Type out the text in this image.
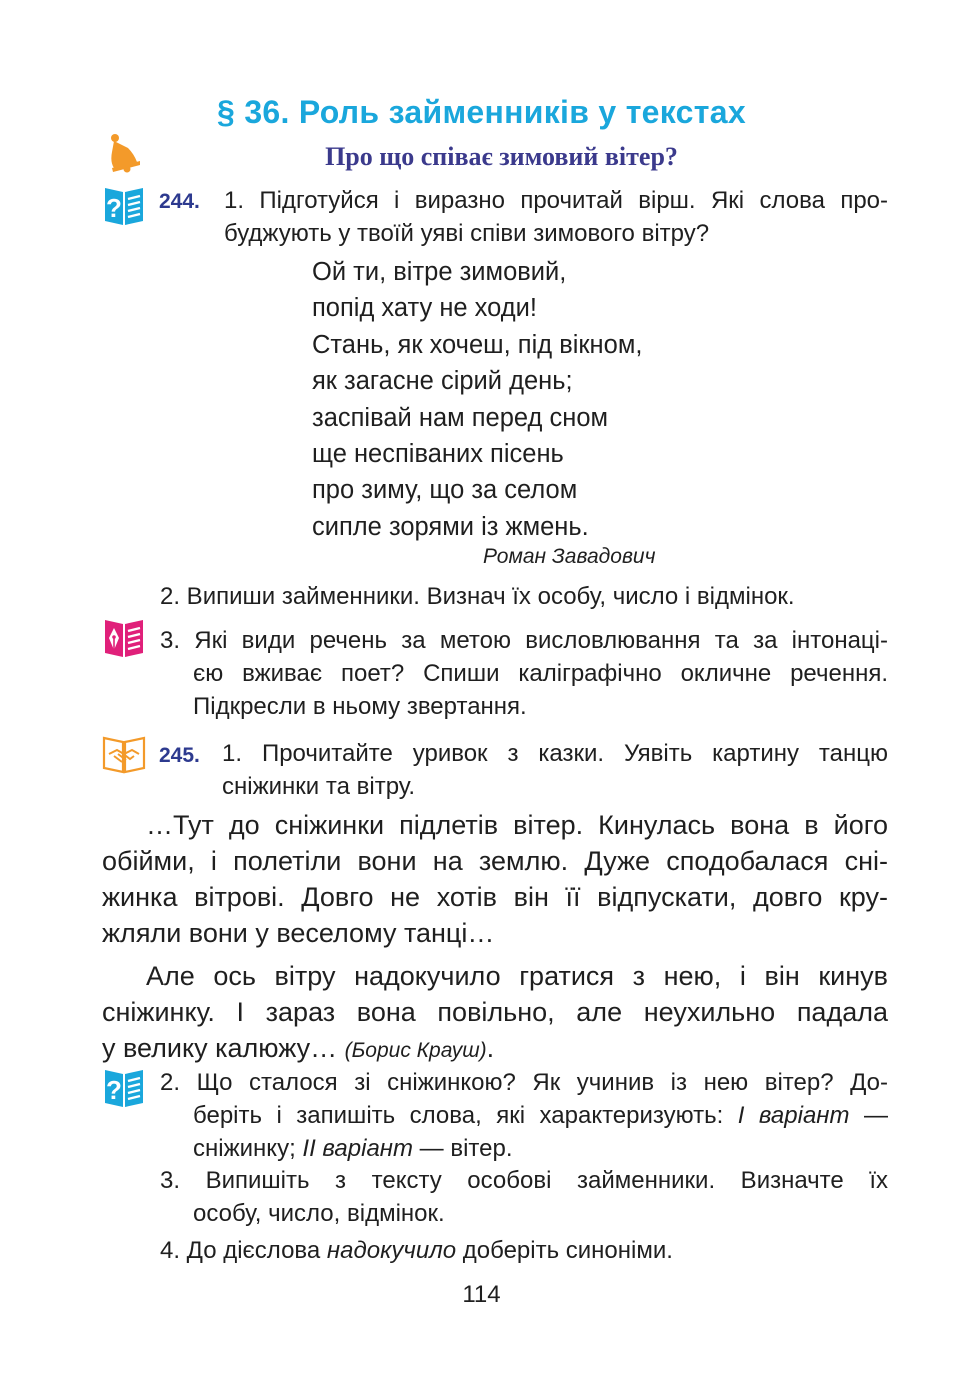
§ 36. Роль займенників у текстах
Про що співає зимовий вітер?
? 244. 1. Підготуйся і виразно прочитай вірш. Які слова про-
буджують у твоїй уяві співи зимового вітру?
Ой ти, вітре зимовий,
попід хату не ходи!
Стань, як хочеш, під вікном,
як загасне сірий день;
заспівай нам перед сном
ще неспіваних пісень
про зиму, що за селом
сипле зорями із жмень.
Роман Завадович
2. Випиши займенники. Визнач їх особу, число і відмінок.
3. Які види речень за метою висловлювання та за інтонаці-
єю вживає поет? Спиши каліграфічно окличне речення.
Підкресли в ньому звертання.
245. 1. Прочитайте уривок з казки. Уявіть картину танцю
сніжинки та вітру.
…Тут до сніжинки підлетів вітер. Кинулась вона в його
обійми, і полетіли вони на землю. Дуже сподобалася сні-
жинка вітрові. Довго не хотів він її відпускати, довго кру-
жляли вони у веселому танці…
Але ось вітру надокучило гратися з нею, і він кинув
сніжинку. І зараз вона повільно, але неухильно падала
у велику калюжу… (Борис Крауш).
? 2. Що сталося зі сніжинкою? Як учинив із нею вітер? До-
беріть і запишіть слова, які характеризують: І варіант —
сніжинку; ІІ варіант — вітер.
3. Випишіть з тексту особові займенники. Визначте їх
особу, число, відмінок.
4. До дієслова надокучило доберіть синоніми.
114
